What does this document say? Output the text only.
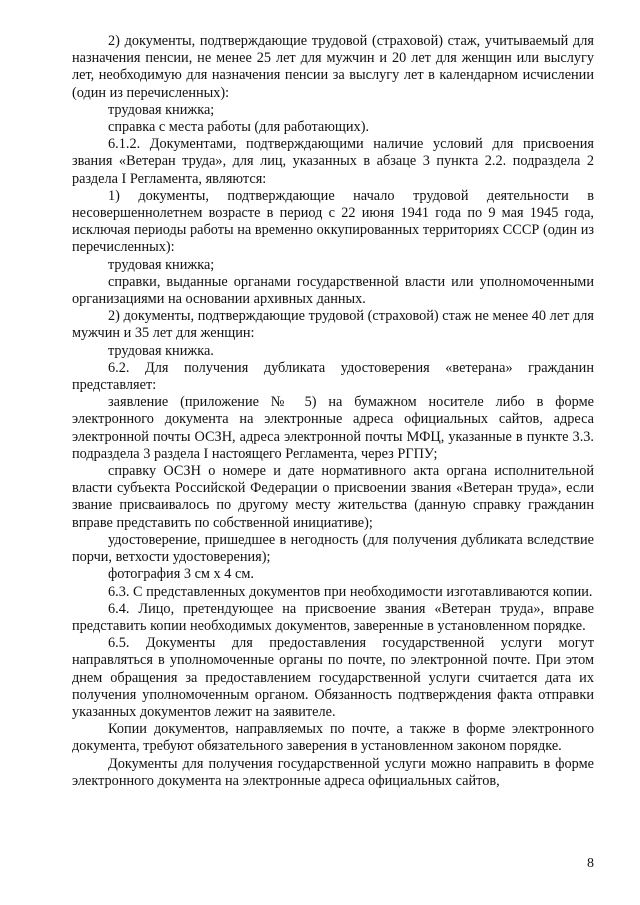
2) документы, подтверждающие трудовой (страховой) стаж, учитываемый для назначения пенсии, не менее 25 лет для мужчин и 20 лет для женщин или выслугу лет, необходимую для назначения пенсии за выслугу лет в календарном исчислении (один из перечисленных):

трудовая книжка;

справка с места работы (для работающих).

6.1.2. Документами, подтверждающими наличие условий для присвоения звания «Ветеран труда», для лиц, указанных в абзаце 3 пункта 2.2. подраздела 2 раздела I Регламента, являются:

1) документы, подтверждающие начало трудовой деятельности в несовершеннолетнем возрасте в период с 22 июня 1941 года по 9 мая 1945 года, исключая периоды работы на временно оккупированных территориях СССР (один из перечисленных):

трудовая книжка;

справки, выданные органами государственной власти или уполномоченными организациями на основании архивных данных.

2) документы, подтверждающие трудовой (страховой) стаж не менее 40 лет для мужчин и 35 лет для женщин:

трудовая книжка.

6.2. Для получения дубликата удостоверения «ветерана» гражданин представляет:

заявление (приложение № 5) на бумажном носителе либо в форме электронного документа на электронные адреса официальных сайтов, адреса электронной почты ОСЗН, адреса электронной почты МФЦ, указанные в пункте 3.3. подраздела 3 раздела I настоящего Регламента, через РГПУ;

справку ОСЗН о номере и дате нормативного акта органа исполнительной власти субъекта Российской Федерации о присвоении звания «Ветеран труда», если звание присваивалось по другому месту жительства (данную справку гражданин вправе представить по собственной инициативе);

удостоверение, пришедшее в негодность (для получения дубликата вследствие порчи, ветхости удостоверения);

фотография 3 см х 4 см.

6.3. С представленных документов при необходимости изготавливаются копии.

6.4. Лицо, претендующее на присвоение звания «Ветеран труда», вправе представить копии необходимых документов, заверенные в установленном порядке.

6.5. Документы для предоставления государственной услуги могут направляться в уполномоченные органы по почте, по электронной почте. При этом днем обращения за предоставлением государственной услуги считается дата их получения уполномоченным органом. Обязанность подтверждения факта отправки указанных документов лежит на заявителе.

Копии документов, направляемых по почте, а также в форме электронного документа, требуют обязательного заверения в установленном законом порядке.

Документы для получения государственной услуги можно направить в форме электронного документа на электронные адреса официальных сайтов,

8
